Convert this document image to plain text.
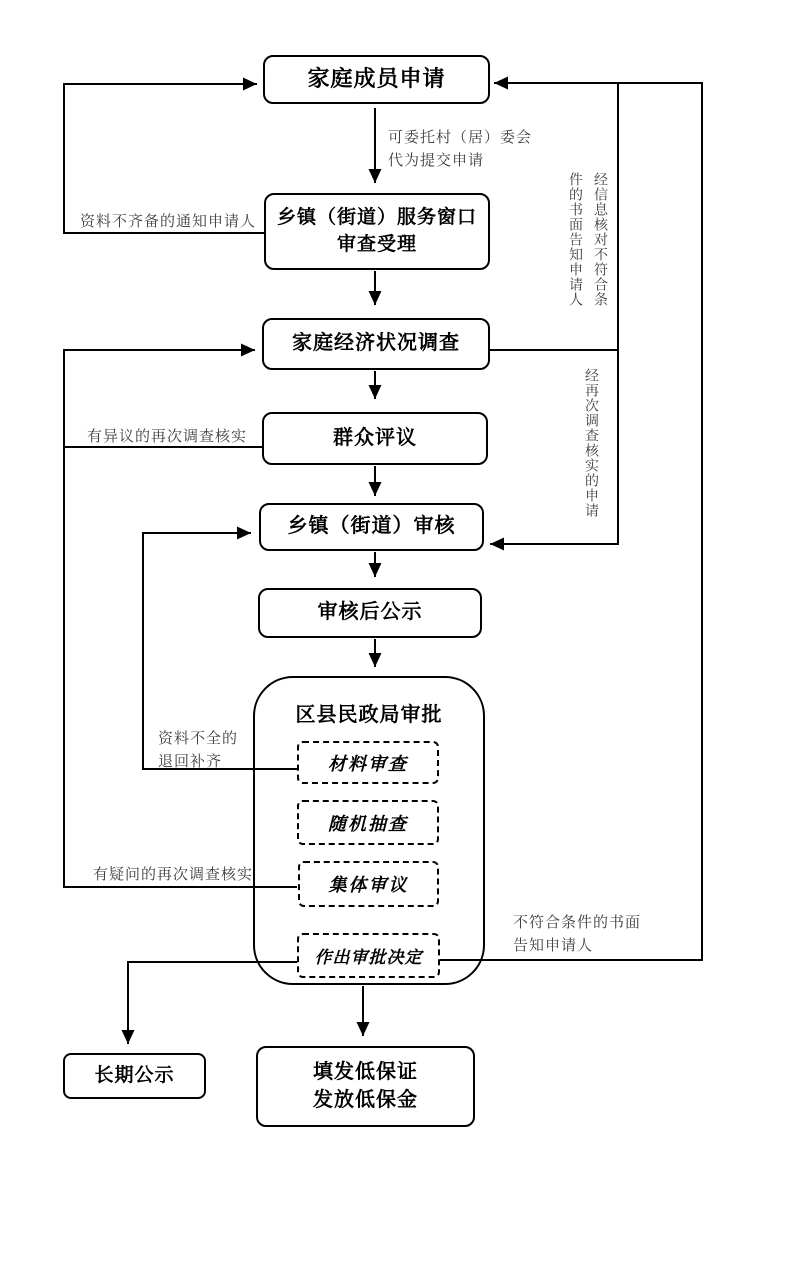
区县民政局审批
家庭成员申请
乡镇（街道）服务窗口
审查受理
家庭经济状况调查
群众评议
乡镇（街道）审核
审核后公示
材料审查
随机抽查
集体审议
作出审批决定
长期公示	填发低保证
发放低保金
可委托村（居）委会
代为提交申请
资料不齐备的通知申请人
有异议的再次调查核实
资料不全的
退回补齐
有疑问的再次调查核实
不符合条件的书面
告知申请人
经信息核对不符合条件的书面告知申请人
经再次调查核实的申请
